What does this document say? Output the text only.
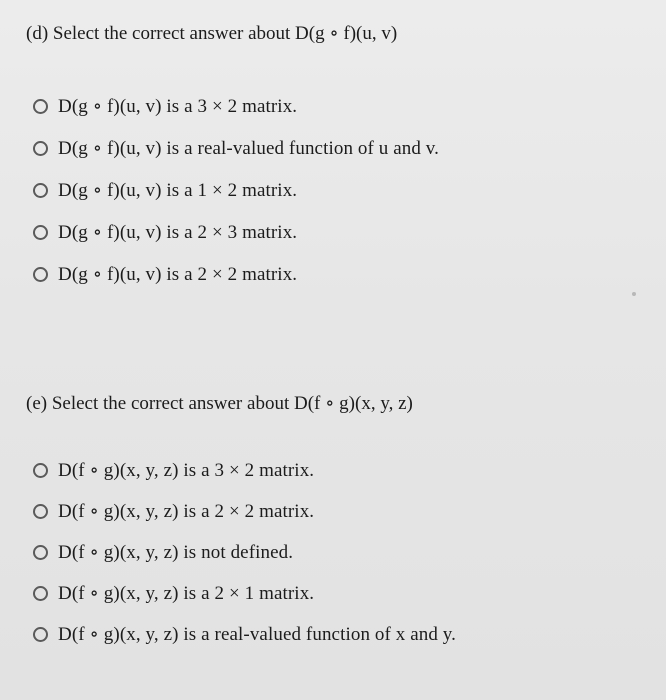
(d) Select the correct answer about D(g ∘ f)(u, v)
D(g ∘ f)(u, v) is a 3 × 2 matrix.
D(g ∘ f)(u, v) is a real-valued function of u and v.
D(g ∘ f)(u, v) is a 1 × 2 matrix.
D(g ∘ f)(u, v) is a 2 × 3 matrix.
D(g ∘ f)(u, v) is a 2 × 2 matrix.
(e) Select the correct answer about D(f ∘ g)(x, y, z)
D(f ∘ g)(x, y, z) is a 3 × 2 matrix.
D(f ∘ g)(x, y, z) is a 2 × 2 matrix.
D(f ∘ g)(x, y, z) is not defined.
D(f ∘ g)(x, y, z) is a 2 × 1 matrix.
D(f ∘ g)(x, y, z) is a real-valued function of x and y.
